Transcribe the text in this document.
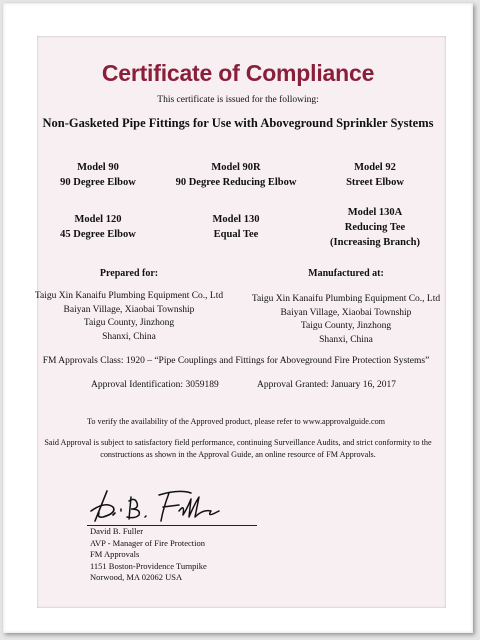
Certificate of Compliance
This certificate is issued for the following:
Non-Gasketed Pipe Fittings for Use with Aboveground Sprinkler Systems
Model 90
90 Degree Elbow
Model 90R
90 Degree Reducing Elbow
Model 92
Street Elbow
Model 120
45 Degree Elbow
Model 130
Equal Tee
Model 130A
Reducing Tee
(Increasing Branch)
Prepared for:	Manufactured at:
Taigu Xin Kanaifu Plumbing Equipment Co., Ltd
Baiyan Village, Xiaobai Township
Taigu County, Jinzhong
Shanxi, China
Taigu Xin Kanaifu Plumbing Equipment Co., Ltd
Baiyan Village, Xiaobai Township
Taigu County, Jinzhong
Shanxi, China
FM Approvals Class: 1920 – “Pipe Couplings and Fittings for Aboveground Fire Protection Systems”
Approval Identification: 3059189	Approval Granted: January 16, 2017
To verify the availability of the Approved product, please refer to www.approvalguide.com
Said Approval is subject to satisfactory field performance, continuing Surveillance Audits, and strict conformity to the
constructions as shown in the Approval Guide, an online resource of FM Approvals.
David B. Fuller
AVP - Manager of Fire Protection
FM Approvals
1151 Boston-Providence Turnpike
Norwood, MA 02062 USA
